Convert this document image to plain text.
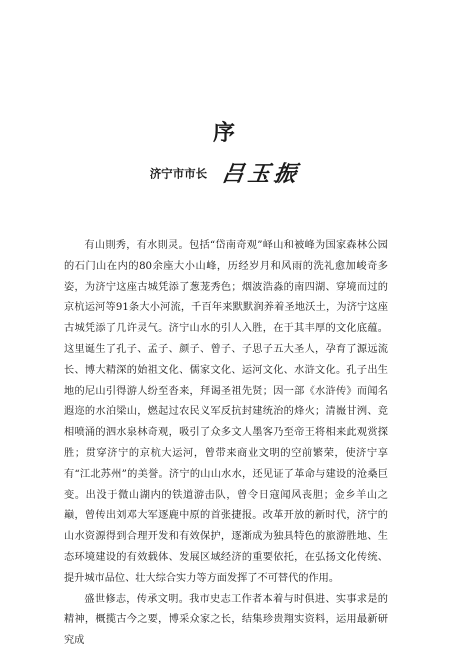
序
济宁市市长 吕玉振

有山則秀，有水則灵。包括“岱南奇观”峄山和被峰为国家森林公园的石门山在内的80余座大小山峰，历经岁月和风雨的洗礼愈加峻奇多姿，为济宁这座古城凭添了葱茏秀色；烟波浩淼的南四湖、穿境而过的京杭运河等91条大小河流，千百年来默默润养着圣地沃土，为济宁这座古城凭添了几许灵气。济宁山水的引人入胜，在于其丰厚的文化底蕴。这里诞生了孔子、孟子、颜子、曾子、子思子五大圣人，孕育了源远流长、博大精深的始祖文化、儒家文化、运河文化、水浒文化。孔子出生地的尼山引得游人纷至沓来，拜谒圣祖先贤；因一部《水浒传》而闻名遐迩的水泊梁山，燃起过农民义军反抗封建统治的烽火；清嶶甘洌、竞相喷涌的泗水泉林奇观，吸引了众多文人墨客乃至帝王将相来此观赏探胜；贯穿济宁的京杭大运河，曾带来商业文明的空前繁荣，使济宁享有“江北苏州”的美誉。济宁的山山水水，还见证了革命与建设的沧桑巨变。出没于微山湖内的铁道游击队，曾令日寇闻风丧胆；金乡羊山之巅，曾传出刘邓大军逐鹿中原的首张捷报。改革开放的新时代，济宁的山水资源得到合理开发和有效保护，逐渐成为独具特色的旅游胜地、生态环境建设的有效载体、发展区域经济的重要依托，在弘扬文化传统、提升城市品位、壮大综合实力等方面发挥了不可替代的作用。

盛世修志，传承文明。我市史志工作者本着与时俱进、实事求是的精神，概揽古今之要，博采众家之长，结集珍贵翔实资料，运用最新研究成
